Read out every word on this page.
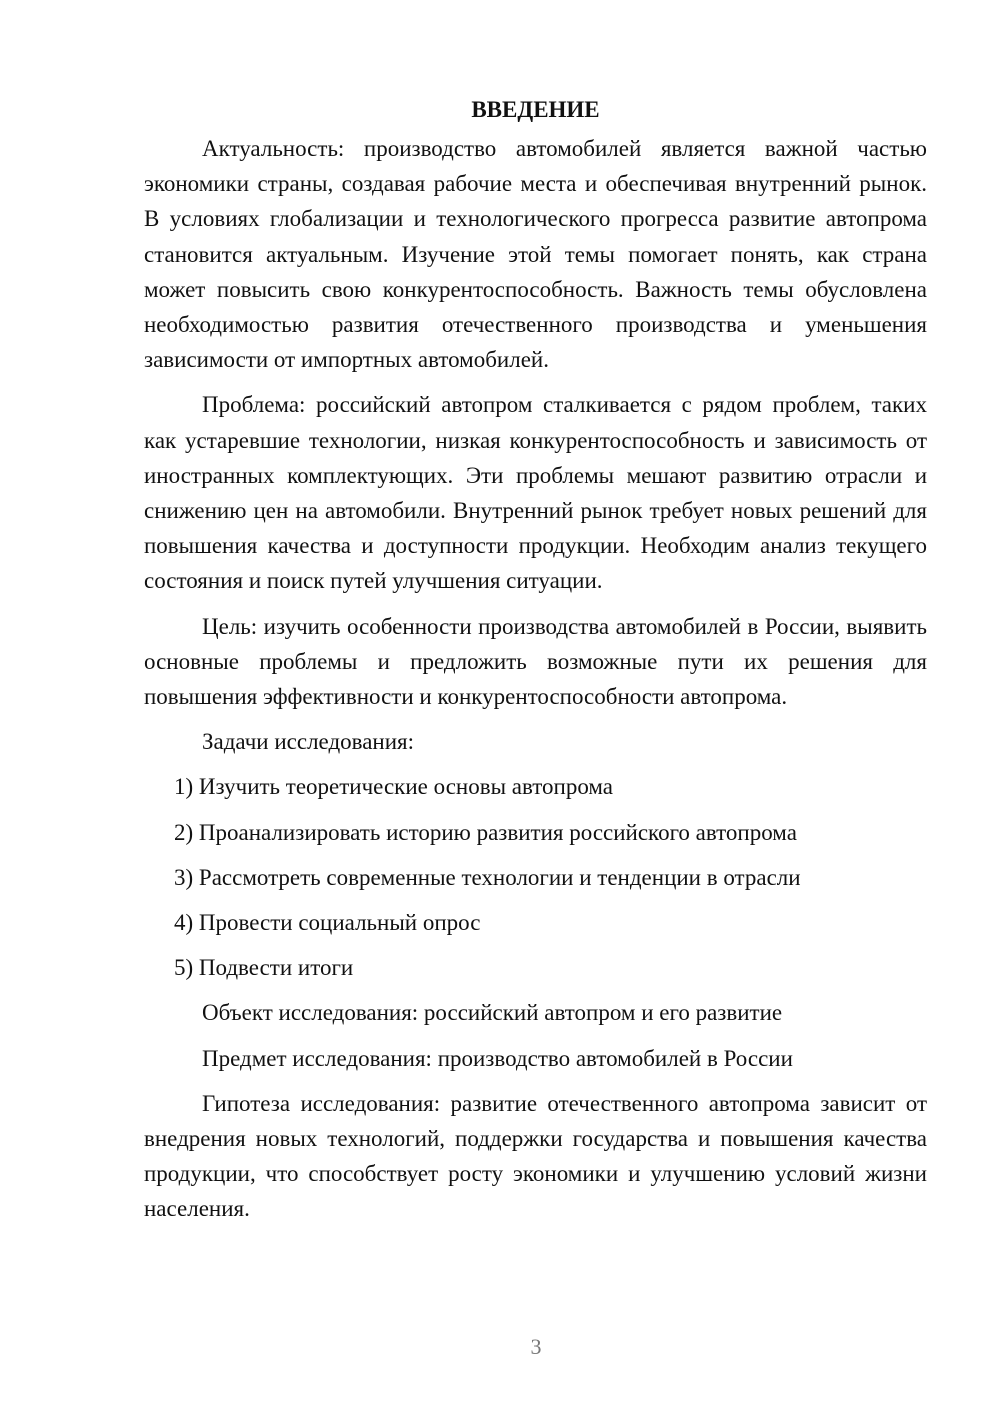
ВВЕДЕНИЕ

Актуальность: производство автомобилей является важной частью экономики страны, создавая рабочие места и обеспечивая внутренний рынок. В условиях глобализации и технологического прогресса развитие автопрома становится актуальным. Изучение этой темы помогает понять, как страна может повысить свою конкурентоспособность. Важность темы обусловлена необходимостью развития отечественного производства и уменьшения зависимости от импортных автомобилей.

Проблема: российский автопром сталкивается с рядом проблем, таких как устаревшие технологии, низкая конкурентоспособность и зависимость от иностранных комплектующих. Эти проблемы мешают развитию отрасли и снижению цен на автомобили. Внутренний рынок требует новых решений для повышения качества и доступности продукции. Необходим анализ текущего состояния и поиск путей улучшения ситуации.

Цель: изучить особенности производства автомобилей в России, выявить основные проблемы и предложить возможные пути их решения для повышения эффективности и конкурентоспособности автопрома.

Задачи исследования:

1) Изучить теоретические основы автопрома

2) Проанализировать историю развития российского автопрома

3) Рассмотреть современные технологии и тенденции в отрасли

4) Провести социальный опрос

5) Подвести итоги

Объект исследования: российский автопром и его развитие

Предмет исследования: производство автомобилей в России

Гипотеза исследования: развитие отечественного автопрома зависит от внедрения новых технологий, поддержки государства и повышения качества продукции, что способствует росту экономики и улучшению условий жизни населения.

3
